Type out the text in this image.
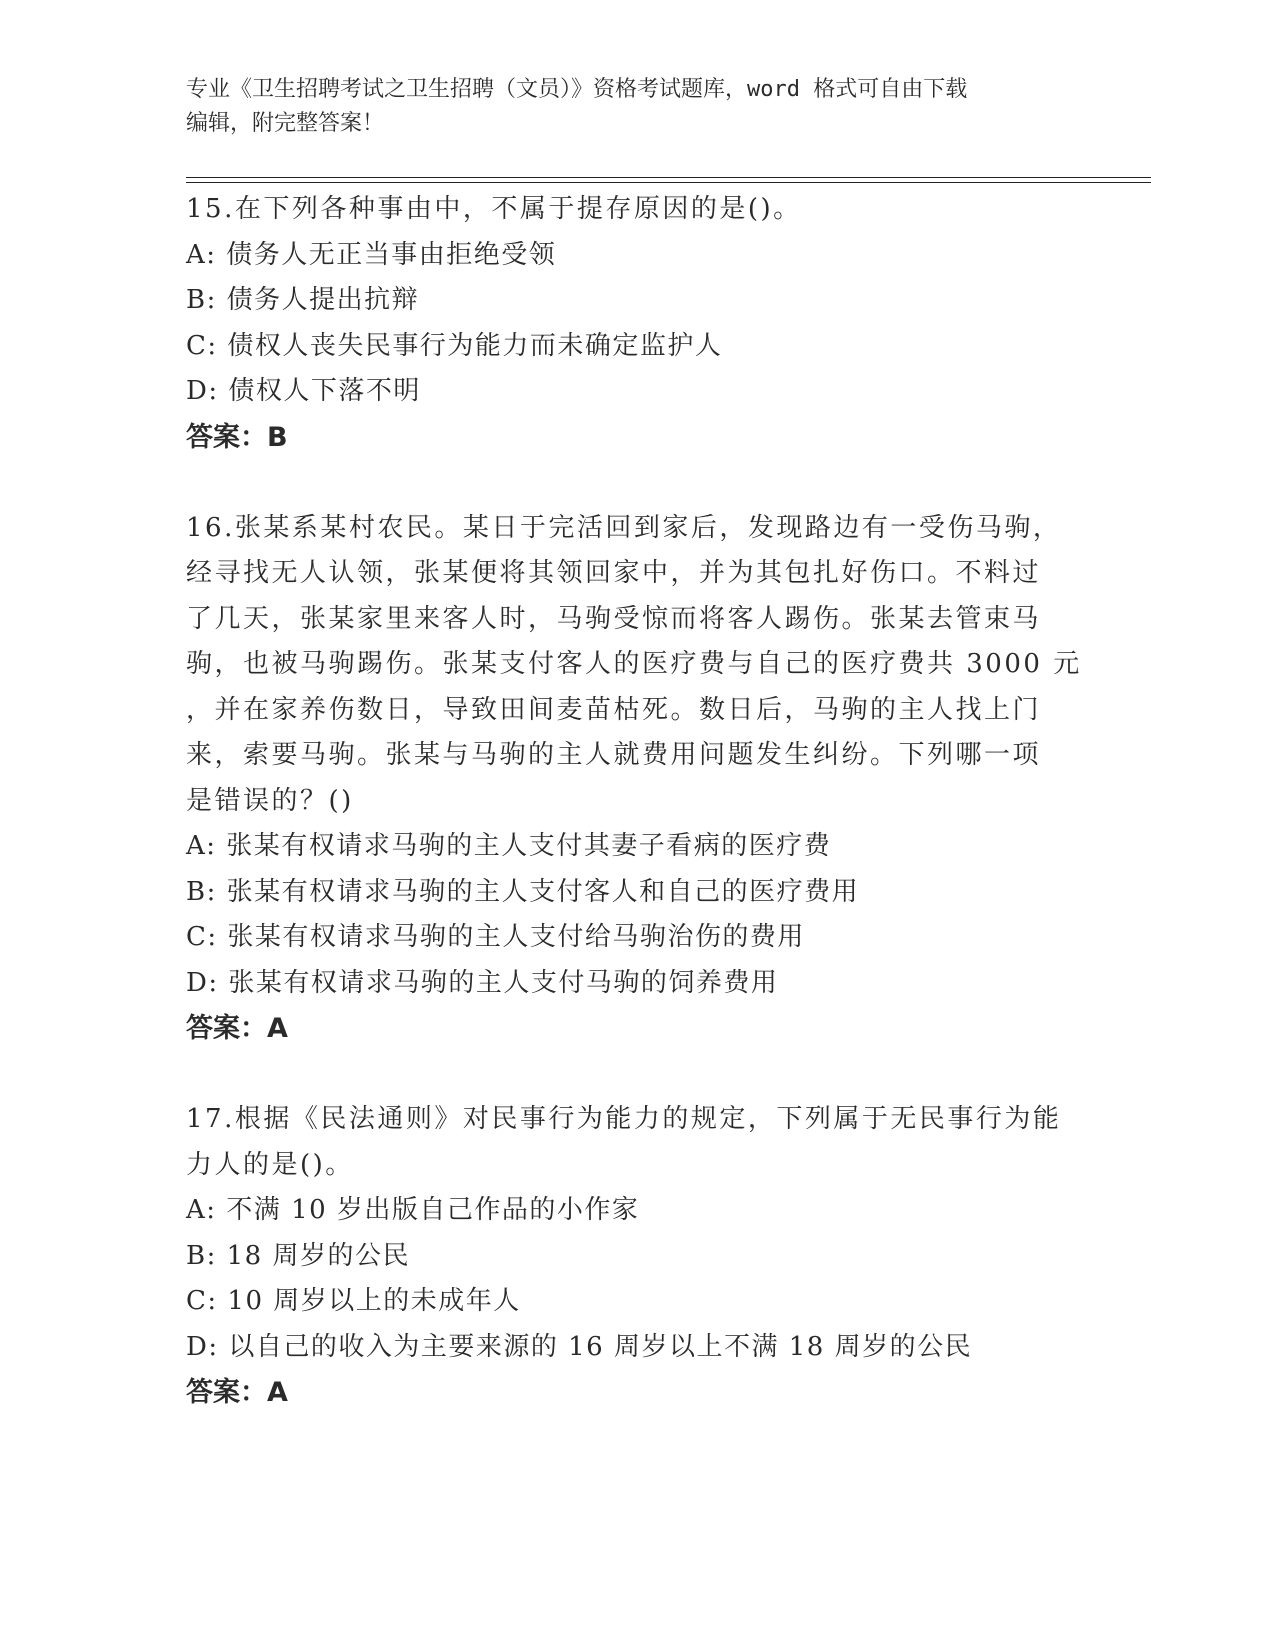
专业《卫生招聘考试之卫生招聘（文员）》资格考试题库，word 格式可自由下载
编辑，附完整答案！
15.在下列各种事由中，不属于提存原因的是()。
A: 债务人无正当事由拒绝受领
B: 债务人提出抗辩
C: 债权人丧失民事行为能力而未确定监护人
D: 债权人下落不明
答案：B
16.张某系某村农民。某日于完活回到家后，发现路边有一受伤马驹，
经寻找无人认领，张某便将其领回家中，并为其包扎好伤口。不料过
了几天，张某家里来客人时，马驹受惊而将客人踢伤。张某去管束马
驹，也被马驹踢伤。张某支付客人的医疗费与自己的医疗费共 3000 元
，并在家养伤数日，导致田间麦苗枯死。数日后，马驹的主人找上门
来，索要马驹。张某与马驹的主人就费用问题发生纠纷。下列哪一项
是错误的？()
A: 张某有权请求马驹的主人支付其妻子看病的医疗费
B: 张某有权请求马驹的主人支付客人和自己的医疗费用
C: 张某有权请求马驹的主人支付给马驹治伤的费用
D: 张某有权请求马驹的主人支付马驹的饲养费用
答案：A
17.根据《民法通则》对民事行为能力的规定，下列属于无民事行为能
力人的是()。
A: 不满 10 岁出版自己作品的小作家
B: 18 周岁的公民
C: 10 周岁以上的未成年人
D: 以自己的收入为主要来源的 16 周岁以上不满 18 周岁的公民
答案：A
